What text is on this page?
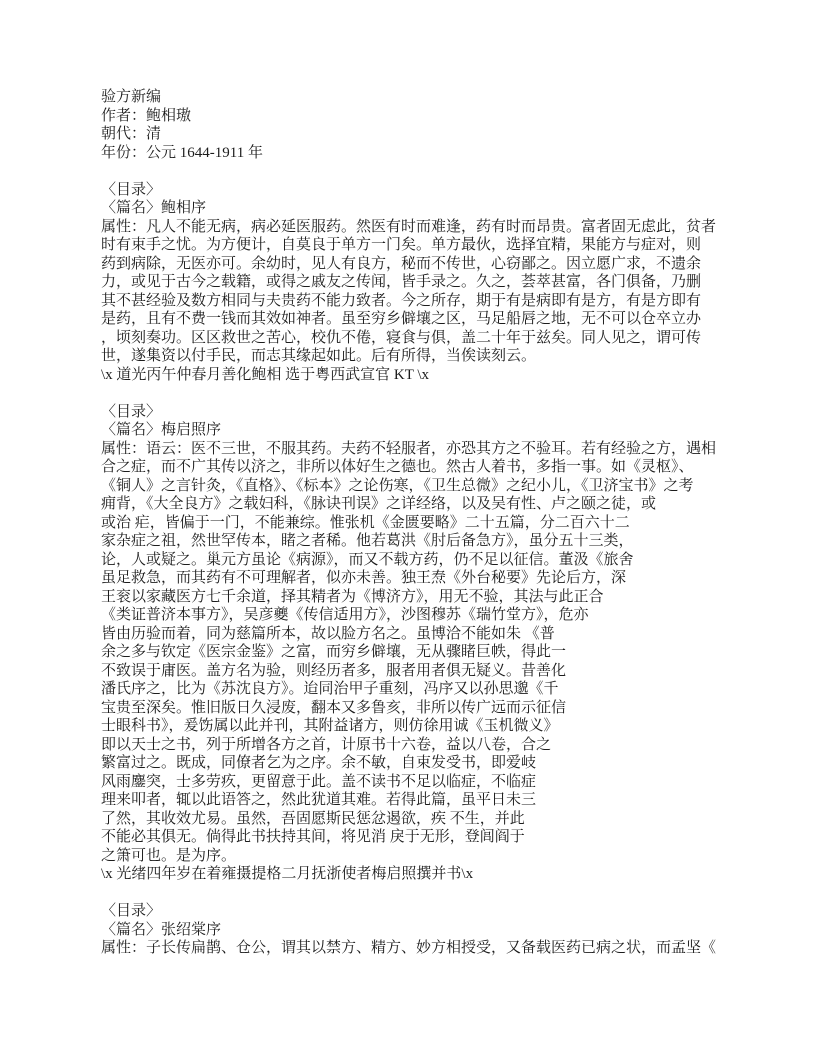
验方新编
作者：鲍相璈
朝代：清
年份：公元 1644-1911 年
〈目录〉
〈篇名〉鲍相序
属性：凡人不能无病，病必延医服药。然医有时而难逢，药有时而昂贵。富者固无虑此，贫者
时有束手之忧。为方便计，自莫良于单方一门矣。单方最伙，选择宜精，果能方与症对，则
药到病除，无医亦可。余幼时，见人有良方，秘而不传世，心窃鄙之。因立愿广求，不遗余
力，或见于古今之载籍，或得之戚友之传闻，皆手录之。久之，荟萃甚富，各门俱备，乃删
其不甚经验及数方相同与夫贵药不能力致者。今之所存，期于有是病即有是方，有是方即有
是药，且有不费一钱而其效如神者。虽至穷乡僻壤之区，马足船唇之地，无不可以仓卒立办
，顷刻奏功。区区救世之苦心，校仇不倦，寝食与俱，盖二十年于兹矣。同人见之，谓可传
世，遂集资以付手民，而志其缘起如此。后有所得，当俟读刻云。
\x 道光丙午仲春月善化鲍相 选于粤西武宣官 KT \x
〈目录〉
〈篇名〉梅启照序
属性：语云：医不三世，不服其药。夫药不轻服者，亦恐其方之不验耳。若有经验之方，遇相
合之症，而不广其传以济之，非所以体好生之德也。然古人着书，多指一事。如《灵枢》、
《铜人》之言针灸，《直格》、《标本》之论伤寒，《卫生总微》之纪小儿，《卫济宝书》之考
痈背，《大全良方》之载妇科，《脉诀刊误》之详经络，以及吴有性、卢之颐之徒，或
或治 疟，皆偏于一门，不能兼综。惟张机《金匮要略》二十五篇，分二百六十二
家杂症之祖，然世罕传本，睹之者稀。他若葛洪《肘后备急方》，虽分五十三类，
论，人或疑之。巢元方虽论《病源》，而又不载方药，仍不足以征信。董汲《旅舍
虽足救急，而其药有不可理解者，似亦未善。独王焘《外台秘要》先论后方，深
王衮以家藏医方七千余道，择其精者为《博济方》，用无不验，其法与此正合
《类证普济本事方》，吴彦夔《传信适用方》，沙图穆苏《瑞竹堂方》，危亦
皆由历验而着，同为慈篇所本，故以脸方名之。虽博洽不能如朱 《普
余之多与钦定《医宗金鉴》之富，而穷乡僻壤，无从骤睹巨帙，得此一
不致误于庸医。盖方名为验，则经历者多，服者用者俱无疑义。昔善化
潘氏序之，比为《苏沈良方》。迨同治甲子重刻，冯序又以孙思邈《千
宝贵至深矣。惟旧版日久浸废，翻本又多鲁亥，非所以传广远而示征信
士眼科书》，爰饬属以此并刊，其附益诸方，则仿徐用诚《玉机微义》
即以天士之书，列于所增各方之首，计原书十六卷，益以八卷，合之
繁富过之。既成，同僚者乞为之序。余不敏，自束发受书，即爱岐
风雨鏖突，士多劳疚，更留意于此。盖不读书不足以临症，不临症
理来叩者，辄以此语答之，然此犹道其难。若得此篇，虽平日未三
了然，其收效尤易。虽然，吾固愿斯民惩忿遏欲，疾 不生，并此
不能必其俱无。倘得此书扶持其间，将见消 戾于无形，登闾阎于
之箫可也。是为序。
\x 光绪四年岁在着雍摄提格二月抚浙使者梅启照撰并书\x
〈目录〉
〈篇名〉张绍棠序
属性：子长传扁鹊、仓公，谓其以禁方、精方、妙方相授受，又备载医药已病之状，而孟坚《
